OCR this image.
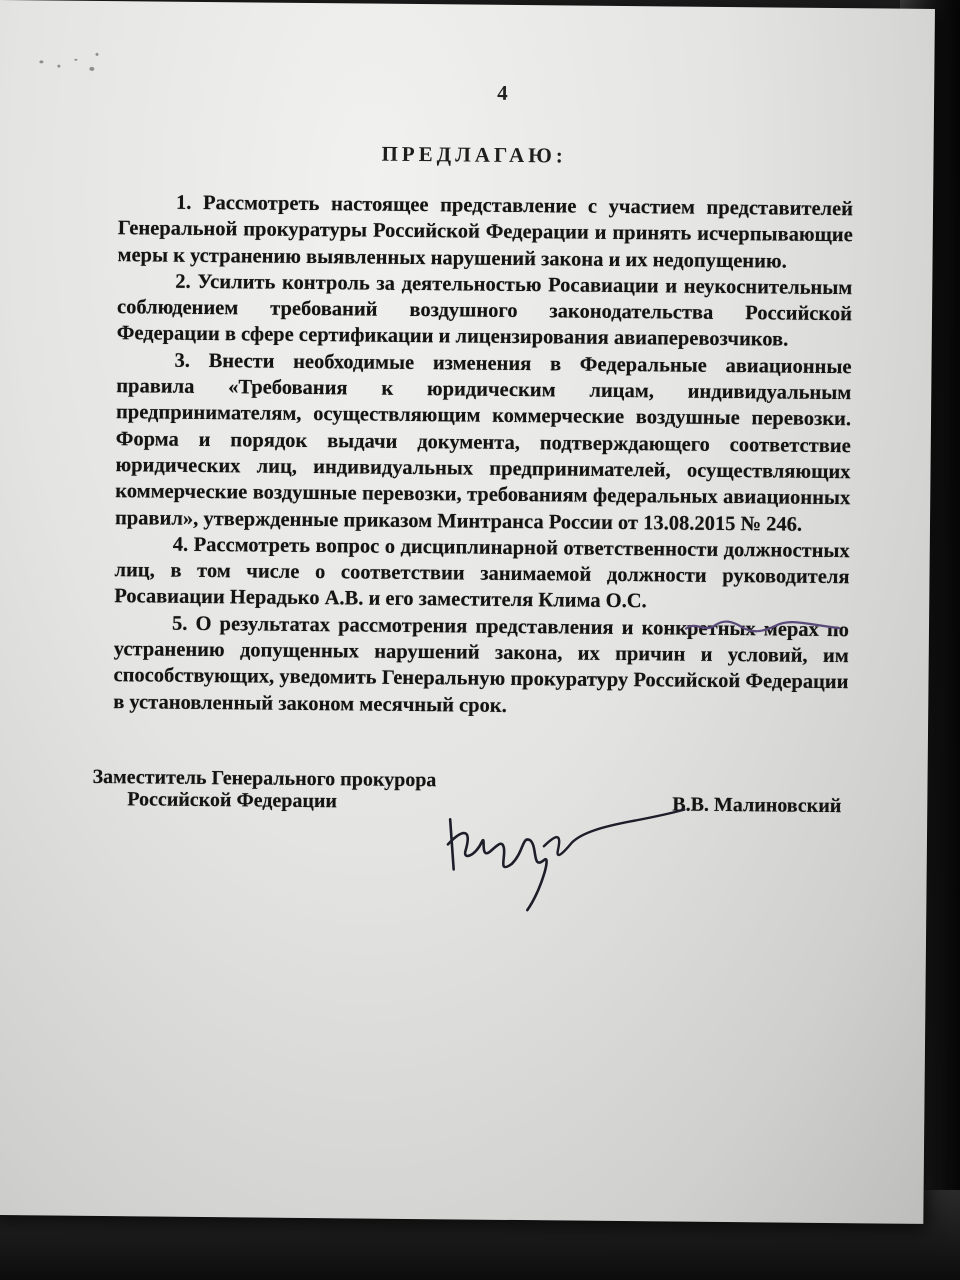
4
ПРЕДЛАГАЮ:

1. Рассмотреть настоящее представление с участием представителей Генеральной прокуратуры Российской Федерации и принять исчерпывающие меры к устранению выявленных нарушений закона и их недопущению.

2. Усилить контроль за деятельностью Росавиации и неукоснительным соблюдением требований воздушного законодательства Российской Федерации в сфере сертификации и лицензирования авиаперевозчиков.

3. Внести необходимые изменения в Федеральные авиационные правила «Требования к юридическим лицам, индивидуальным предпринимателям, осуществляющим коммерческие воздушные перевозки. Форма и порядок выдачи документа, подтверждающего соответствие юридических лиц, индивидуальных предпринимателей, осуществляющих коммерческие воздушные перевозки, требованиям федеральных авиационных правил», утвержденные приказом Минтранса России от 13.08.2015 № 246.

4. Рассмотреть вопрос о дисциплинарной ответственности должностных лиц, в том числе о соответствии занимаемой должности руководителя Росавиации Нерадько А.В. и его заместителя Клима О.С.

5. О результатах рассмотрения представления и конкретных мерах по устранению допущенных нарушений закона, их причин и условий, им способствующих, уведомить Генеральную прокуратуру Российской Федерации в установленный законом месячный срок.

Заместитель Генерального прокурора
Российской Федерации	В.В. Малиновский
